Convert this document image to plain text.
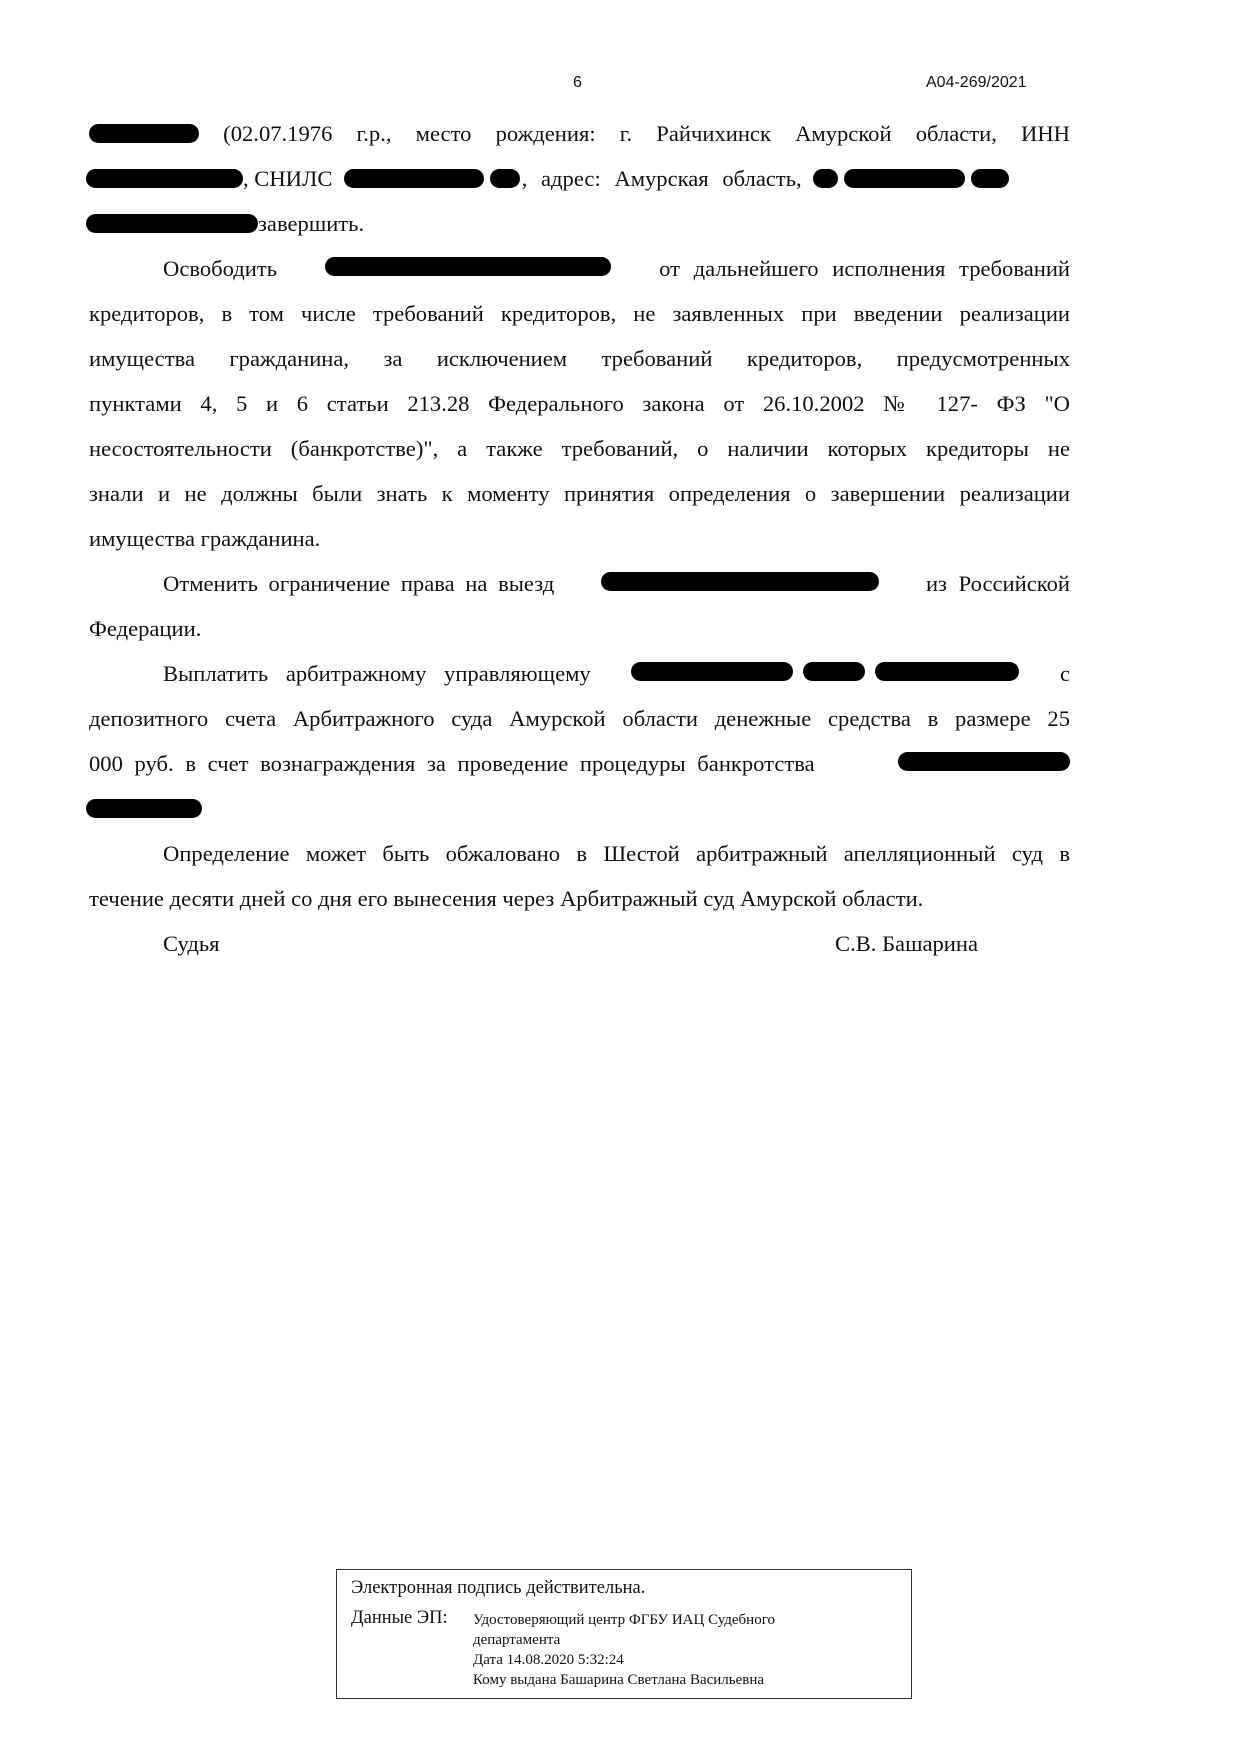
6	А04-269/2021
(02.07.1976 г.р., место рождения: г. Райчихинск Амурской области, ИНН
, СНИЛС	, адрес: Амурская область,
завершить.
Освободить	от дальнейшего исполнения требований
кредиторов, в том числе требований кредиторов, не заявленных при введении реализации
имущества гражданина, за исключением требований кредиторов, предусмотренных
пунктами 4, 5 и 6 статьи 213.28 Федерального закона от 26.10.2002 № 127- ФЗ "О
несостоятельности (банкротстве)", а также требований, о наличии которых кредиторы не
знали и не должны были знать к моменту принятия определения о завершении реализации
имущества гражданина.
Отменить ограничение права на выезд	из Российской
Федерации.
Выплатить арбитражному управляющему	с
депозитного счета Арбитражного суда Амурской области денежные средства в размере 25
000 руб. в счет вознаграждения за проведение процедуры банкротства
Определение может быть обжаловано в Шестой арбитражный апелляционный суд в
течение десяти дней со дня его вынесения через Арбитражный суд Амурской области.
Судья	С.В. Башарина
Электронная подпись действительна.
Данные ЭП: Удостоверяющий центр ФГБУ ИАЦ Судебного
департамента
Дата 14.08.2020 5:32:24
Кому выдана Башарина Светлана Васильевна
